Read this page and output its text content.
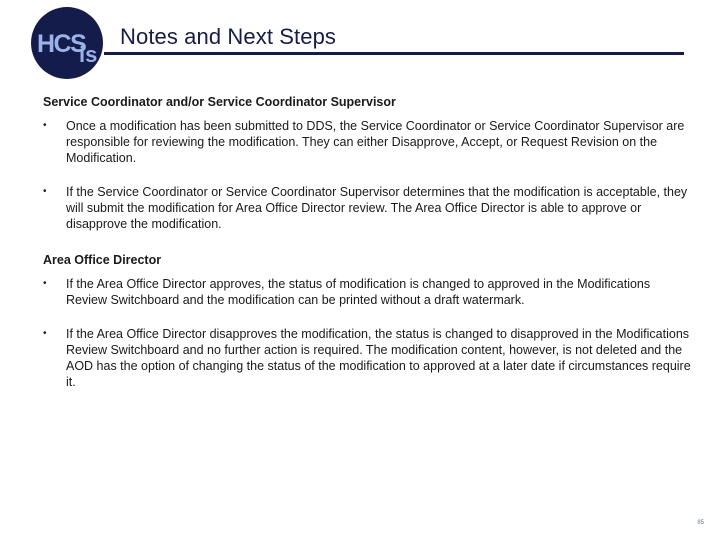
HCS
is
Notes and Next Steps
Service Coordinator and/or Service Coordinator Supervisor
• Once a modification has been submitted to DDS, the Service Coordinator or Service Coordinator Supervisor are responsible for reviewing the modification. They can either Disapprove, Accept, or Request Revision on the Modification.
• If the Service Coordinator or Service Coordinator Supervisor determines that the modification is acceptable, they will submit the modification for Area Office Director review. The Area Office Director is able to approve or disapprove the modification.
Area Office Director
• If the Area Office Director approves, the status of modification is changed to approved in the Modifications Review Switchboard and the modification can be printed without a draft watermark.
• If the Area Office Director disapproves the modification, the status is changed to disapproved in the Modifications Review Switchboard and no further action is required. The modification content, however, is not deleted and the AOD has the option of changing the status of the modification to approved at a later date if circumstances require it.
85
